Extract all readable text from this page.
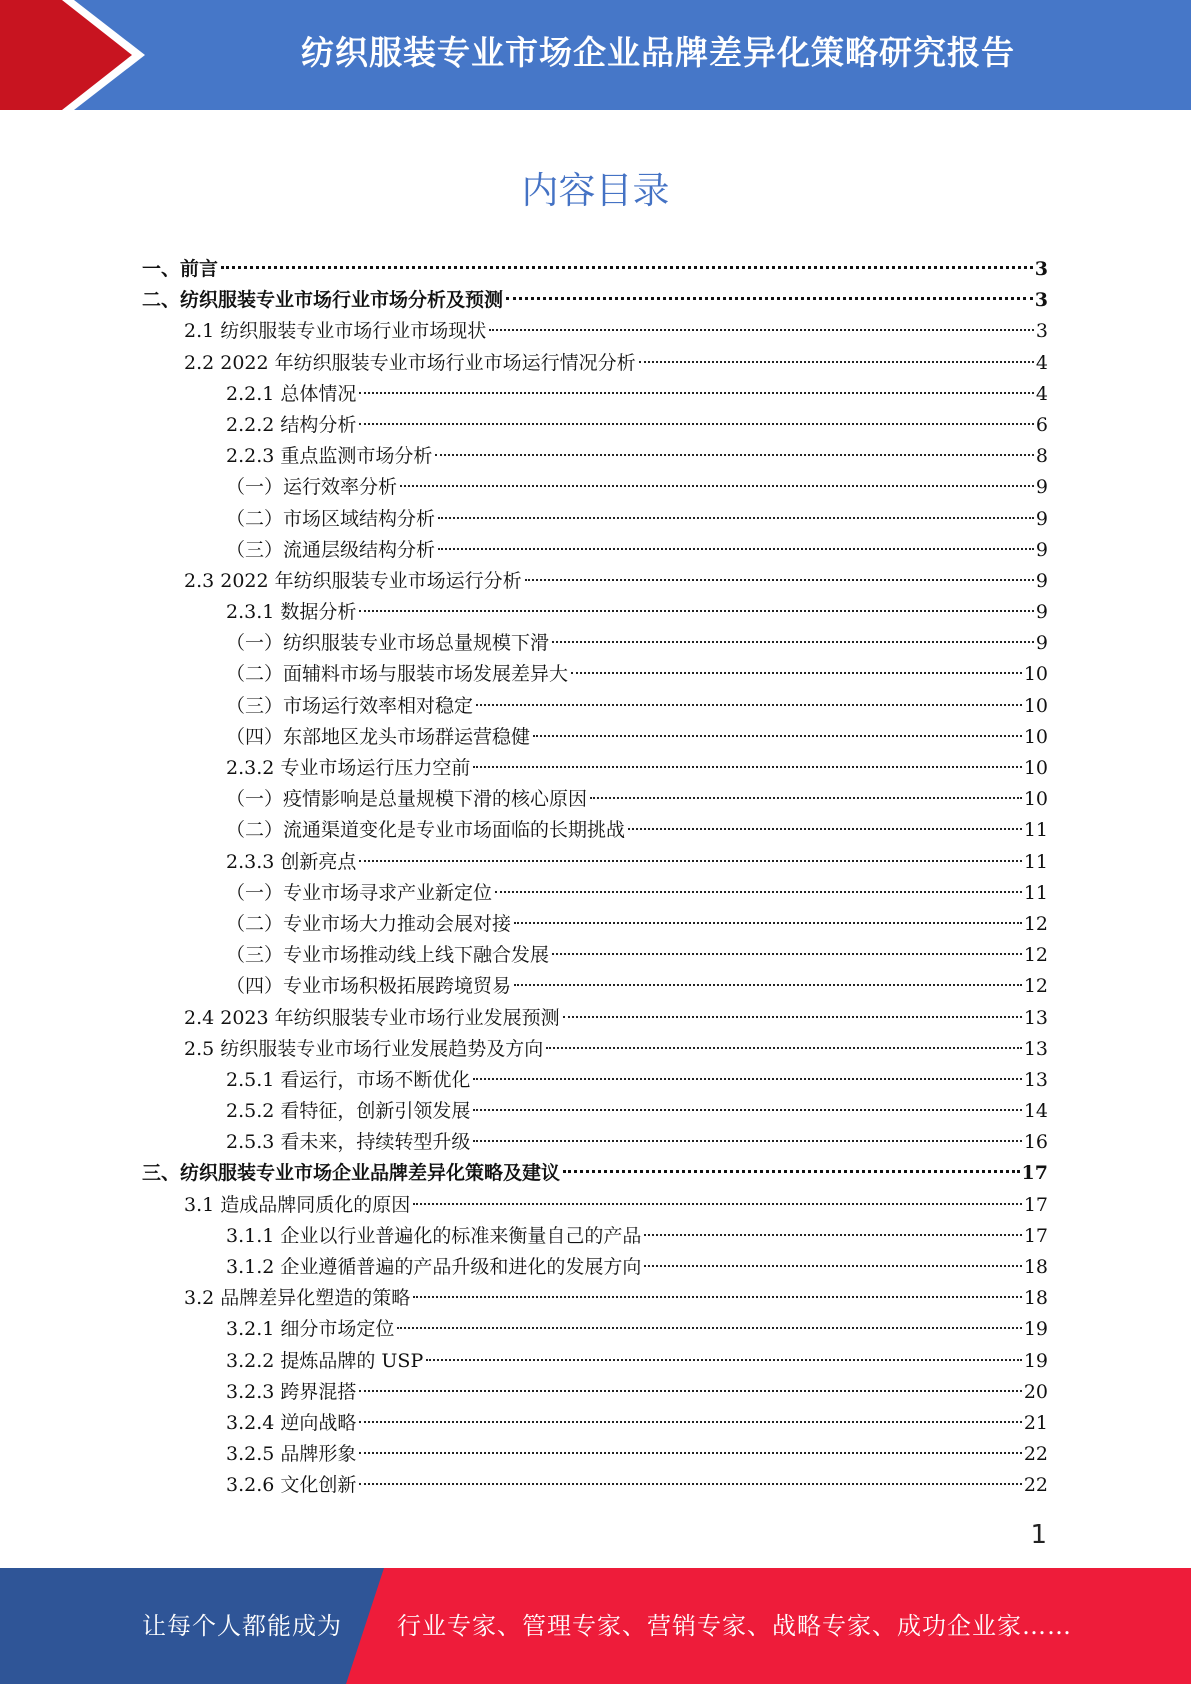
纺织服装专业市场企业品牌差异化策略研究报告
内容目录
一、前言	3
二、纺织服装专业市场行业市场分析及预测	3
2.1 纺织服装专业市场行业市场现状	3
2.2 2022 年纺织服装专业市场行业市场运行情况分析	4
2.2.1 总体情况	4
2.2.2 结构分析	6
2.2.3 重点监测市场分析	8
（一）运行效率分析	9
（二）市场区域结构分析	9
（三）流通层级结构分析	9
2.3 2022 年纺织服装专业市场运行分析	9
2.3.1 数据分析	9
（一）纺织服装专业市场总量规模下滑	9
（二）面辅料市场与服装市场发展差异大	10
（三）市场运行效率相对稳定	10
（四）东部地区龙头市场群运营稳健	10
2.3.2 专业市场运行压力空前	10
（一）疫情影响是总量规模下滑的核心原因	10
（二）流通渠道变化是专业市场面临的长期挑战	11
2.3.3 创新亮点	11
（一）专业市场寻求产业新定位	11
（二）专业市场大力推动会展对接	12
（三）专业市场推动线上线下融合发展	12
（四）专业市场积极拓展跨境贸易	12
2.4 2023 年纺织服装专业市场行业发展预测	13
2.5 纺织服装专业市场行业发展趋势及方向	13
2.5.1 看运行，市场不断优化	13
2.5.2 看特征，创新引领发展	14
2.5.3 看未来，持续转型升级	16
三、纺织服装专业市场企业品牌差异化策略及建议	17
3.1 造成品牌同质化的原因	17
3.1.1 企业以行业普遍化的标准来衡量自己的产品	17
3.1.2 企业遵循普遍的产品升级和进化的发展方向	18
3.2 品牌差异化塑造的策略	18
3.2.1 细分市场定位	19
3.2.2 提炼品牌的 USP	19
3.2.3 跨界混搭	20
3.2.4 逆向战略	21
3.2.5 品牌形象	22
3.2.6 文化创新	22
1
让每个人都能成为 行业专家、管理专家、营销专家、战略专家、成功企业家……
